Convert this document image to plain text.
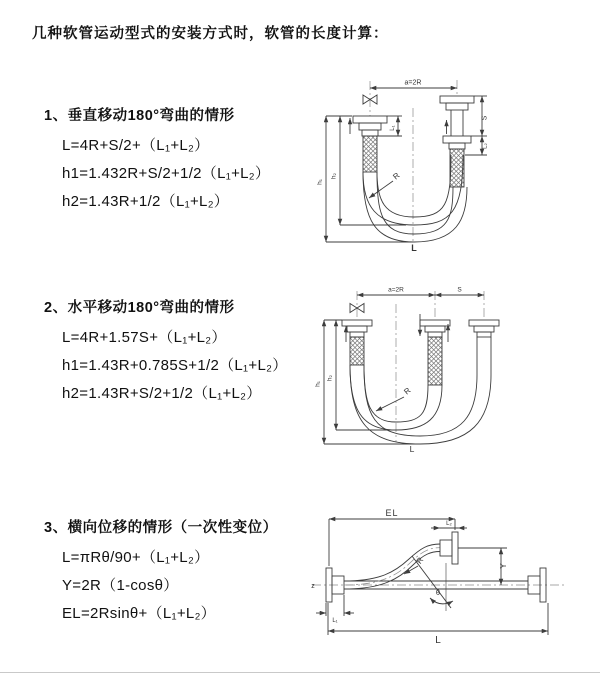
几种软管运动型式的安装方式时，软管的长度计算：
1、垂直移动180°弯曲的情形
L=4R+S/2+（L₁+L₂）
h1=1.432R+S/2+1/2（L₁+L₂）
h2=1.43R+1/2（L₁+L₂）
a=2R
L₁
S
L₂
h₁
h₂	R
L
2、水平移动180°弯曲的情形
L=4R+1.57S+（L₁+L₂）
h1=1.43R+0.785S+1/2（L₁+L₂）
h2=1.43R+S/2+1/2（L₁+L₂）
a=2R	S
h₁
h₂
R
L
3、横向位移的情形（一次性变位）
L=πRθ/90+（L₁+L₂）
Y=2R（1-cosθ）
EL=2Rsinθ+（L₁+L₂）
EL
L₂
Y
L
L₁
R
θ
z
